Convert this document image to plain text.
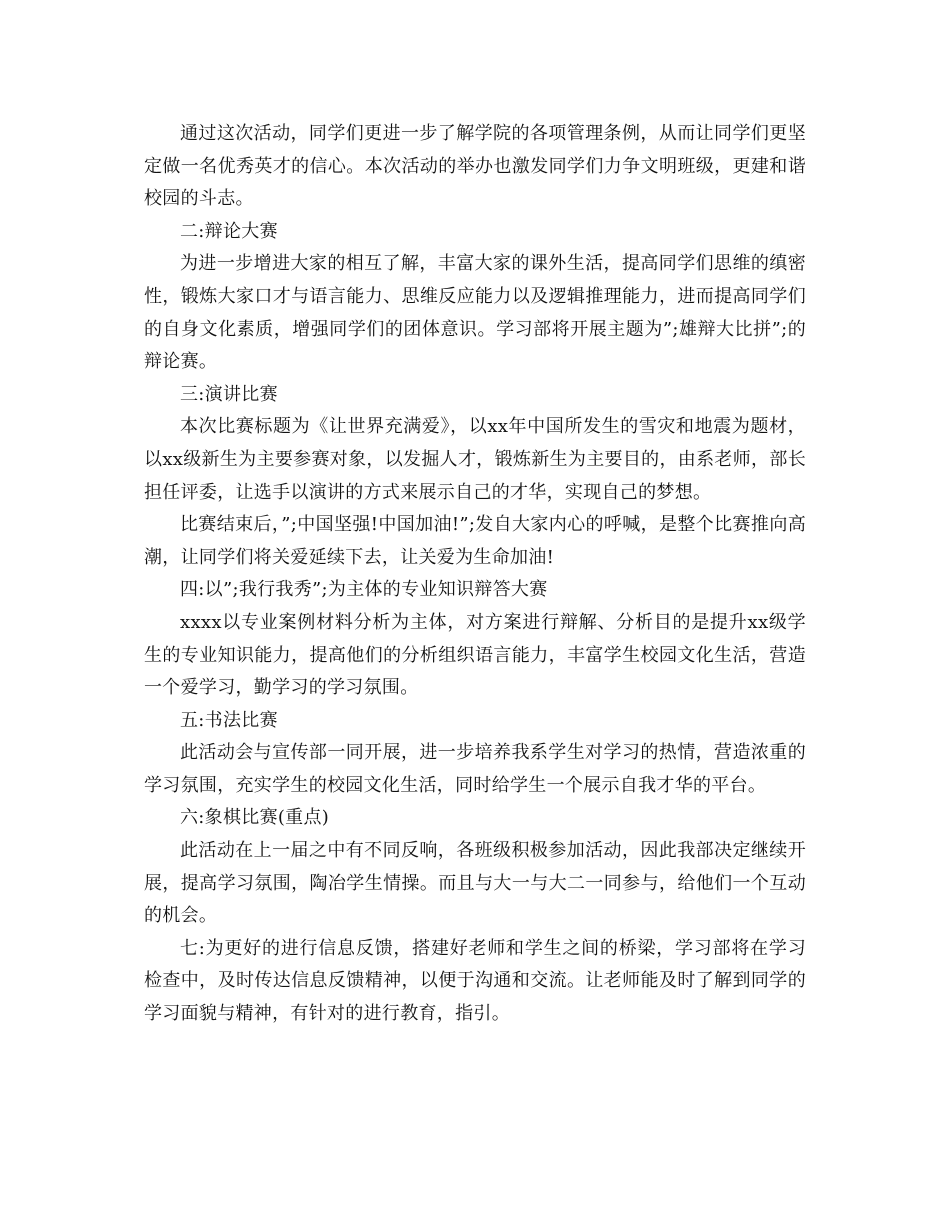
通过这次活动，同学们更进一步了解学院的各项管理条例，从而让同学们更坚定做一名优秀英才的信心。本次活动的举办也激发同学们力争文明班级，更建和谐校园的斗志。

二:辩论大赛

为进一步增进大家的相互了解，丰富大家的课外生活，提高同学们思维的缜密性，锻炼大家口才与语言能力、思维反应能力以及逻辑推理能力，进而提高同学们的自身文化素质，增强同学们的团体意识。学习部将开展主题为”;雄辩大比拼”;的辩论赛。

三:演讲比赛

本次比赛标题为《让世界充满爱》，以xx年中国所发生的雪灾和地震为题材，以xx级新生为主要参赛对象，以发掘人才，锻炼新生为主要目的，由系老师，部长担任评委，让选手以演讲的方式来展示自己的才华，实现自己的梦想。

比赛结束后，”;中国坚强!中国加油!”;发自大家内心的呼喊，是整个比赛推向高潮，让同学们将关爱延续下去，让关爱为生命加油!

四:以”;我行我秀”;为主体的专业知识辩答大赛

xxxx以专业案例材料分析为主体，对方案进行辩解、分析目的是提升xx级学生的专业知识能力，提高他们的分析组织语言能力，丰富学生校园文化生活，营造一个爱学习，勤学习的学习氛围。

五:书法比赛

此活动会与宣传部一同开展，进一步培养我系学生对学习的热情，营造浓重的学习氛围，充实学生的校园文化生活，同时给学生一个展示自我才华的平台。

六:象棋比赛(重点)

此活动在上一届之中有不同反响，各班级积极参加活动，因此我部决定继续开展，提高学习氛围，陶冶学生情操。而且与大一与大二一同参与，给他们一个互动的机会。

七:为更好的进行信息反馈，搭建好老师和学生之间的桥梁，学习部将在学习检查中，及时传达信息反馈精神，以便于沟通和交流。让老师能及时了解到同学的学习面貌与精神，有针对的进行教育，指引。
